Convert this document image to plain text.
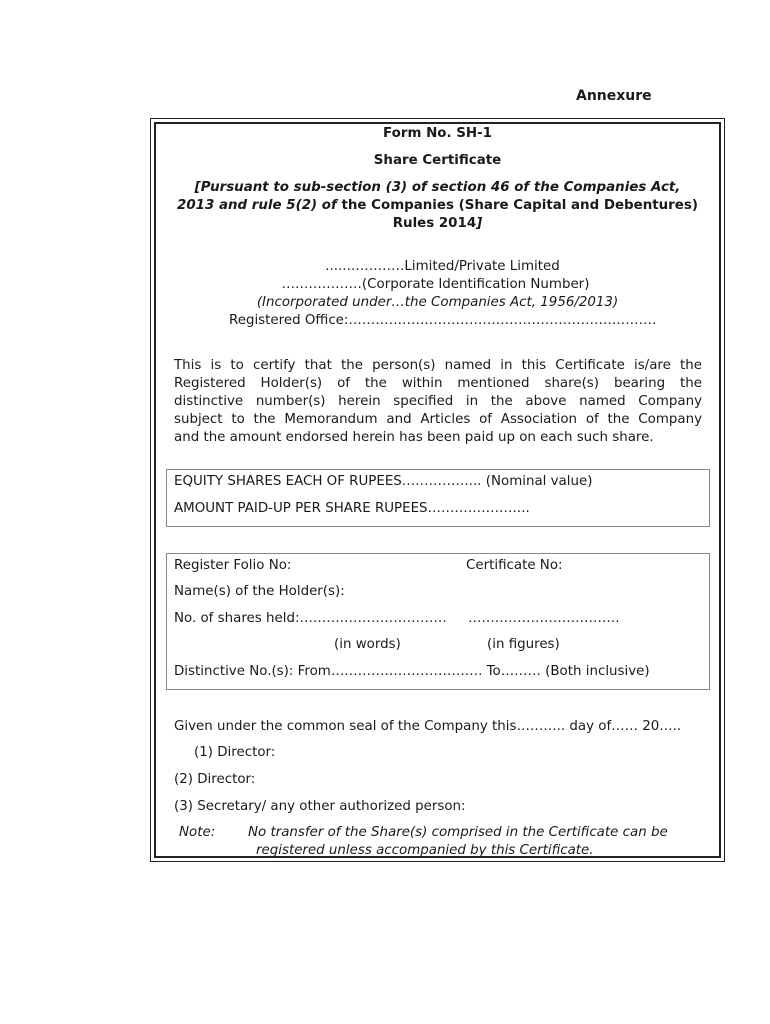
Annexure
Form No. SH-1
Share Certificate
[Pursuant to sub-section (3) of section 46 of the Companies Act,
2013 and rule 5(2) of the Companies (Share Capital and Debentures)
Rules 2014]
......…………Limited/Private Limited
………………(Corporate Identification Number)
(Incorporated under…the Companies Act, 1956/2013)
Registered Office:……………………………………………………………
This is to certify that the person(s) named in this Certificate is/are the
Registered Holder(s) of the within mentioned share(s) bearing the
distinctive number(s) herein specified in the above named Company
subject to the Memorandum and Articles of Association of the Company
and the amount endorsed herein has been paid up on each such share.
EQUITY SHARES EACH OF RUPEES……………... (Nominal value)
AMOUNT PAID-UP PER SHARE RUPEES…………………..
Register Folio No:	Certificate No:
Name(s) of the Holder(s):
No. of shares held:…………………………… …………………………….
(in words)	(in figures)
Distinctive No.(s): From……………………………. To……… (Both inclusive)
Given under the common seal of the Company this……….. day of…… 20…..
(1) Director:
(2) Director:
(3) Secretary/ any other authorized person:
Note: No transfer of the Share(s) comprised in the Certificate can be
registered unless accompanied by this Certificate.
